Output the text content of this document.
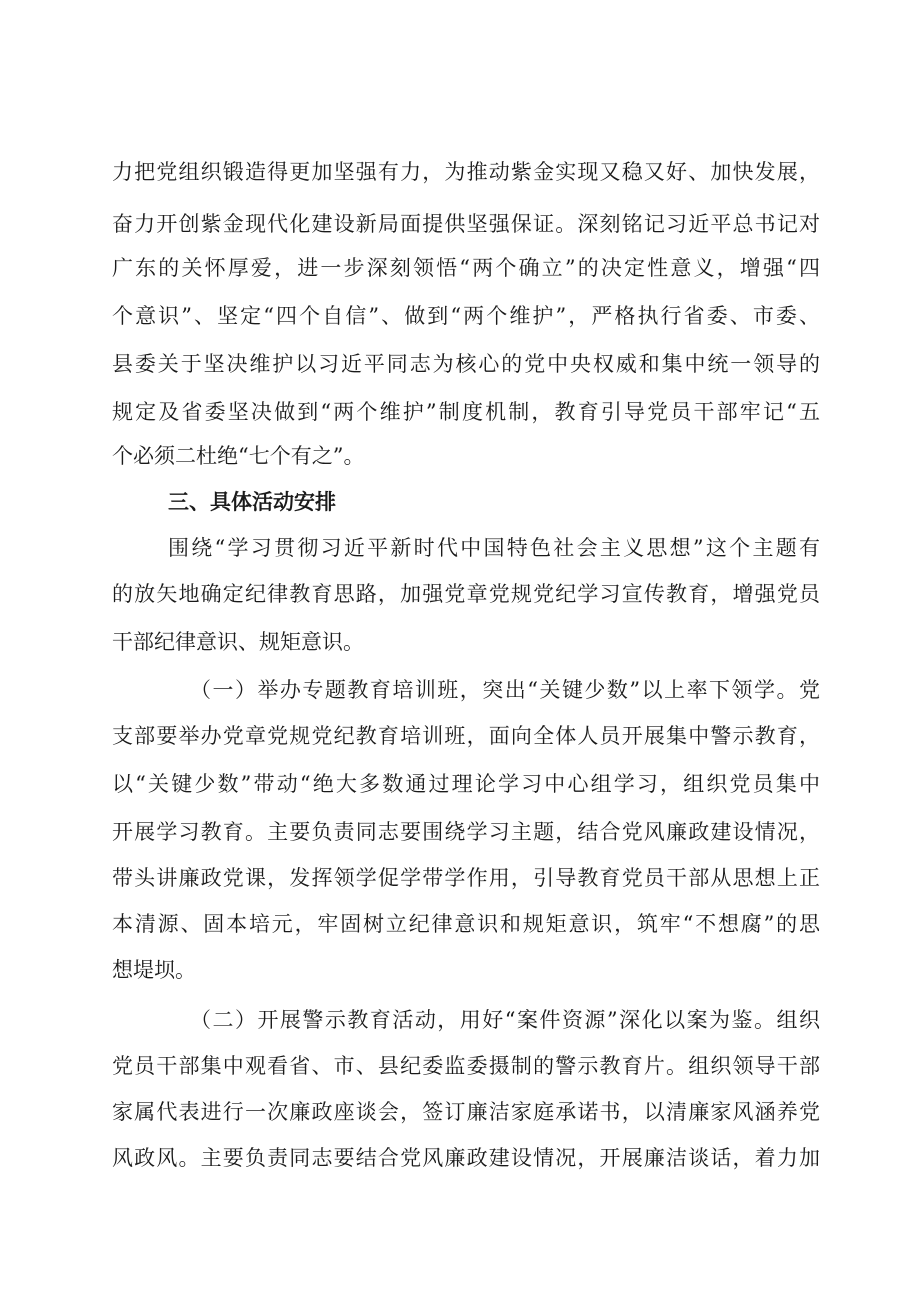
力把党组织锻造得更加坚强有力，为推动紫金实现又稳又好、加快发展，
奋力开创紫金现代化建设新局面提供坚强保证。深刻铭记习近平总书记对
广东的关怀厚爱，进一步深刻领悟“两个确立”的决定性意义，增强“四
个意识”、坚定“四个自信”、做到“两个维护”，严格执行省委、市委、
县委关于坚决维护以习近平同志为核心的党中央权威和集中统一领导的
规定及省委坚决做到“两个维护”制度机制，教育引导党员干部牢记“五
个必须二杜绝“七个有之”。
三、具体活动安排
围绕“学习贯彻习近平新时代中国特色社会主义思想”这个主题有
的放矢地确定纪律教育思路，加强党章党规党纪学习宣传教育，增强党员
干部纪律意识、规矩意识。
（一）举办专题教育培训班，突出“关键少数”以上率下领学。党
支部要举办党章党规党纪教育培训班，面向全体人员开展集中警示教育，
以“关键少数”带动“绝大多数通过理论学习中心组学习，组织党员集中
开展学习教育。主要负责同志要围绕学习主题，结合党风廉政建设情况，
带头讲廉政党课，发挥领学促学带学作用，引导教育党员干部从思想上正
本清源、固本培元，牢固树立纪律意识和规矩意识，筑牢“不想腐”的思
想堤坝。
（二）开展警示教育活动，用好“案件资源”深化以案为鉴。组织
党员干部集中观看省、市、县纪委监委摄制的警示教育片。组织领导干部
家属代表进行一次廉政座谈会，签订廉洁家庭承诺书，以清廉家风涵养党
风政风。主要负责同志要结合党风廉政建设情况，开展廉洁谈话，着力加
